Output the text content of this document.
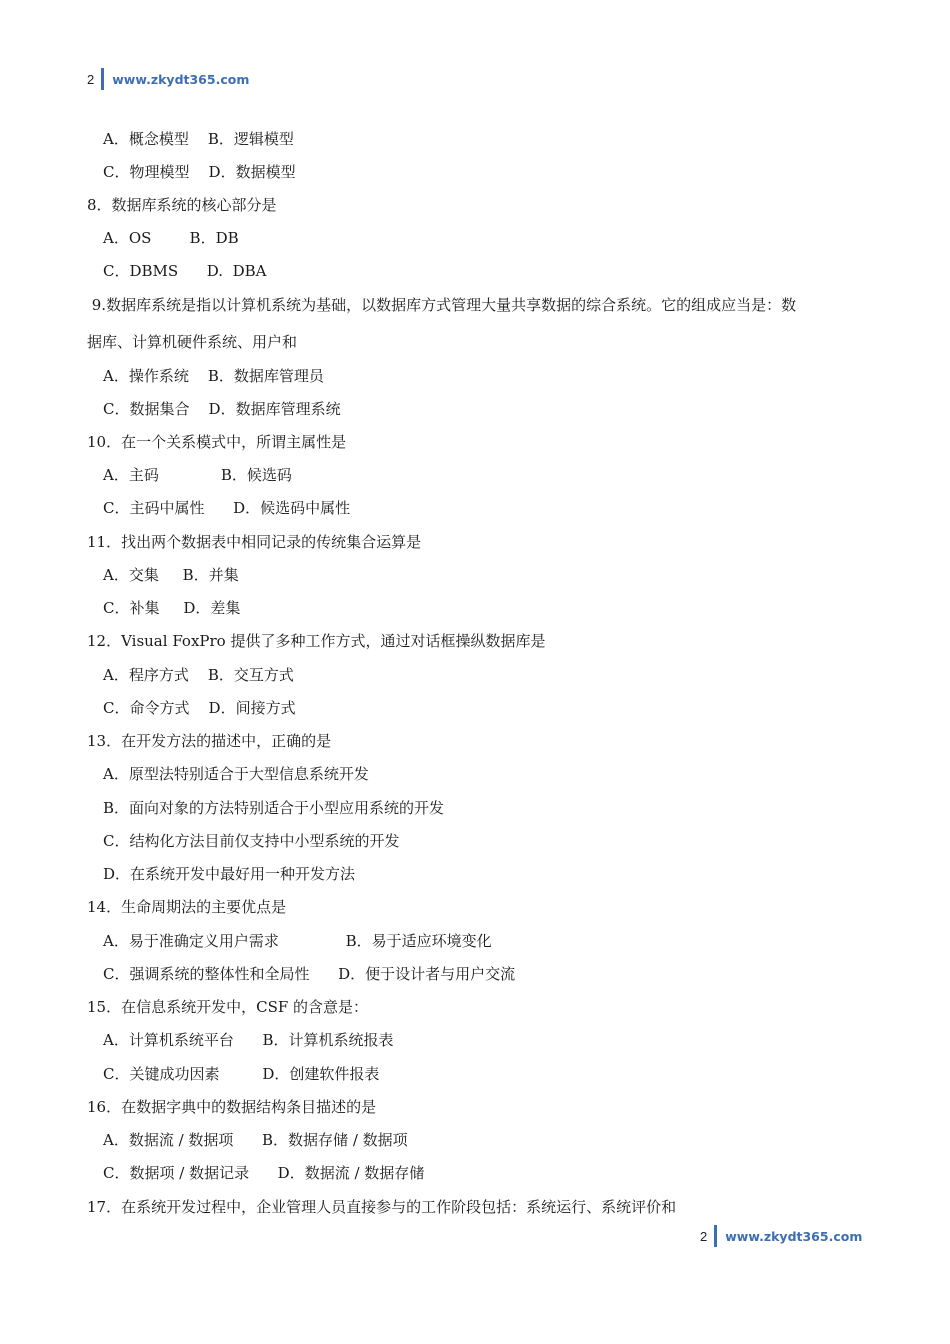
2 www.zkydt365.com
A．概念模型    B．逻辑模型
C．物理模型    D．数据模型
8．数据库系统的核心部分是
A．OS        B．DB
C．DBMS      D.  DBA
9.数据库系统是指以计算机系统为基础，以数据库方式管理大量共享数据的综合系统。它的组成应当是：数
据库、计算机硬件系统、用户和
A．操作系统    B．数据库管理员
C．数据集合    D．数据库管理系统
10．在一个关系模式中，所谓主属性是
A．主码             B．候选码
C．主码中属性      D．候选码中属性
11．找出两个数据表中相同记录的传统集合运算是
A．交集     B．并集
C．补集     D．差集
12．Visual FoxPro 提供了多种工作方式，通过对话框操纵数据库是
A．程序方式    B．交互方式
C．命令方式    D．间接方式
13．在开发方法的描述中，正确的是
A．原型法特别适合于大型信息系统开发
B．面向对象的方法特别适合于小型应用系统的开发
C．结构化方法目前仅支持中小型系统的开发
D．在系统开发中最好用一种开发方法
14．生命周期法的主要优点是
A．易于准确定义用户需求              B．易于适应环境变化
C．强调系统的整体性和全局性      D．便于设计者与用户交流
15．在信息系统开发中，CSF 的含意是：
A．计算机系统平台      B．计算机系统报表
C．关键成功因素         D．创建软件报表
16．在数据字典中的数据结构条目描述的是
A．数据流 / 数据项      B．数据存储 / 数据项
C．数据项 / 数据记录      D．数据流 / 数据存储
17．在系统开发过程中，企业管理人员直接参与的工作阶段包括：系统运行、系统评价和
2 www.zkydt365.com
